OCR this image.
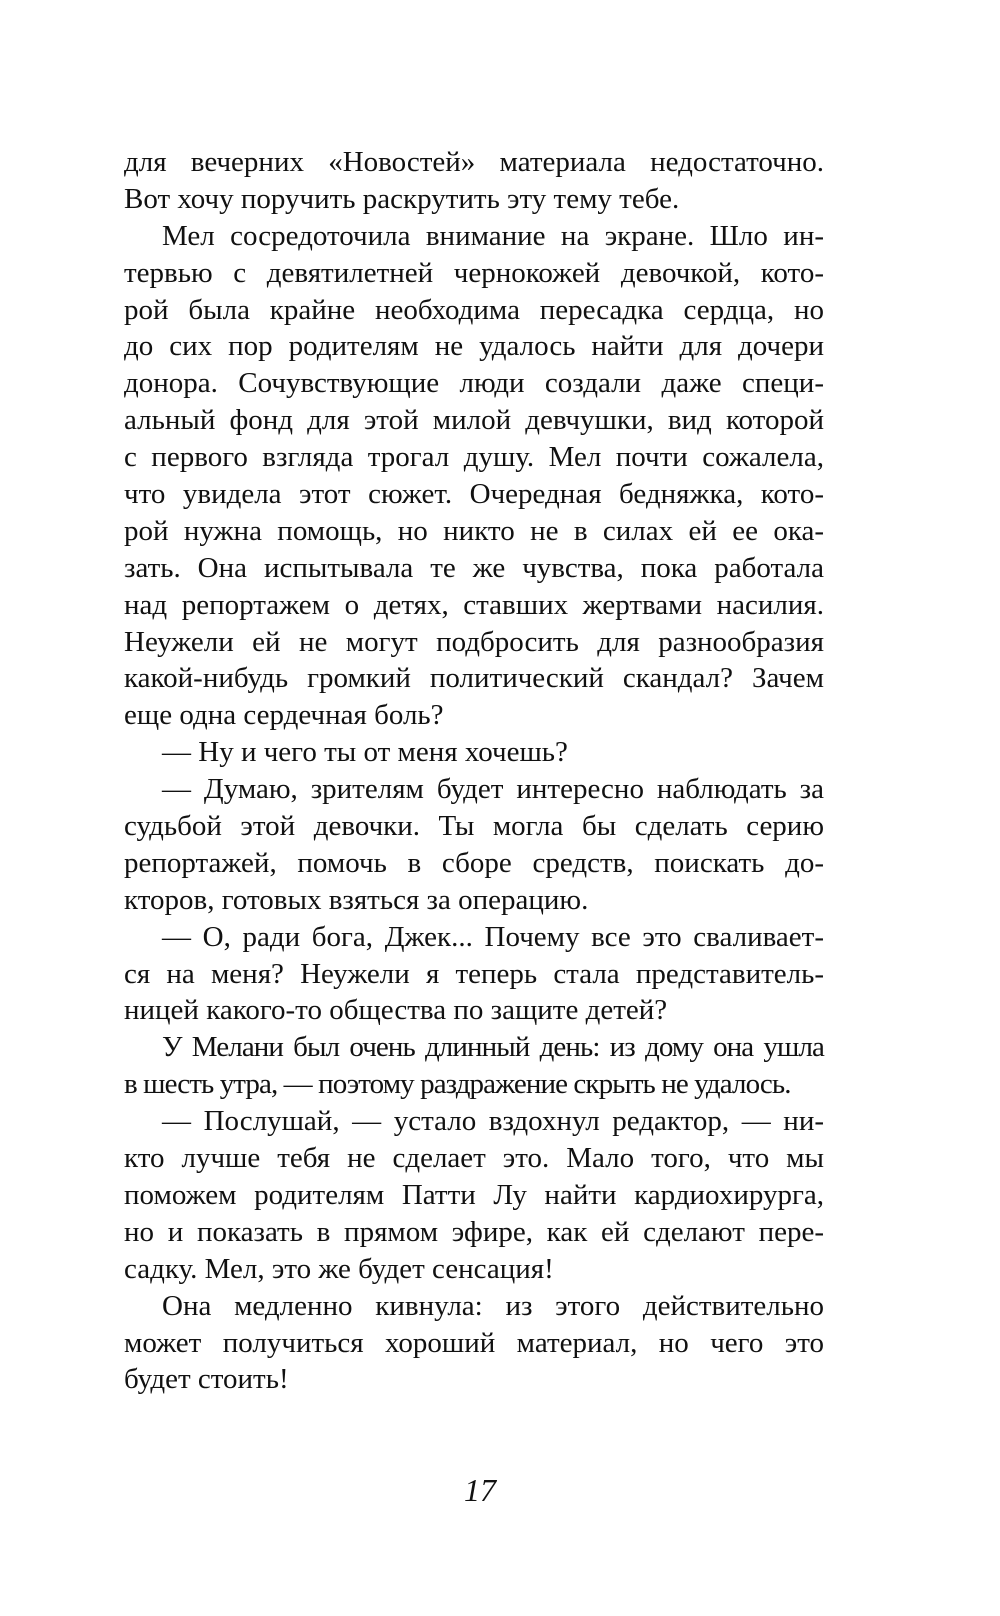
для вечерних «Новостей» материала недостаточно.
Вот хочу поручить раскрутить эту тему тебе.
Мел сосредоточила внимание на экране. Шло ин-
тервью с девятилетней чернокожей девочкой, кото-
рой была крайне необходима пересадка сердца, но
до сих пор родителям не удалось найти для дочери
донора. Сочувствующие люди создали даже специ-
альный фонд для этой милой девчушки, вид которой
с первого взгляда трогал душу. Мел почти сожалела,
что увидела этот сюжет. Очередная бедняжка, кото-
рой нужна помощь, но никто не в силах ей ее ока-
зать. Она испытывала те же чувства, пока работала
над репортажем о детях, ставших жертвами насилия.
Неужели ей не могут подбросить для разнообразия
какой-нибудь громкий политический скандал? Зачем
еще одна сердечная боль?
— Ну и чего ты от меня хочешь?
— Думаю, зрителям будет интересно наблюдать за
судьбой этой девочки. Ты могла бы сделать серию
репортажей, помочь в сборе средств, поискать до-
кторов, готовых взяться за операцию.
— О, ради бога, Джек... Почему все это сваливает-
ся на меня? Неужели я теперь стала представитель-
ницей какого-то общества по защите детей?
У Мелани был очень длинный день: из дому она ушла
в шесть утра, — поэтому раздражение скрыть не удалось.
— Послушай, — устало вздохнул редактор, — ни-
кто лучше тебя не сделает это. Мало того, что мы
поможем родителям Патти Лу найти кардиохирурга,
но и показать в прямом эфире, как ей сделают пере-
садку. Мел, это же будет сенсация!
Она медленно кивнула: из этого действительно
может получиться хороший материал, но чего это
будет стоить!
17
